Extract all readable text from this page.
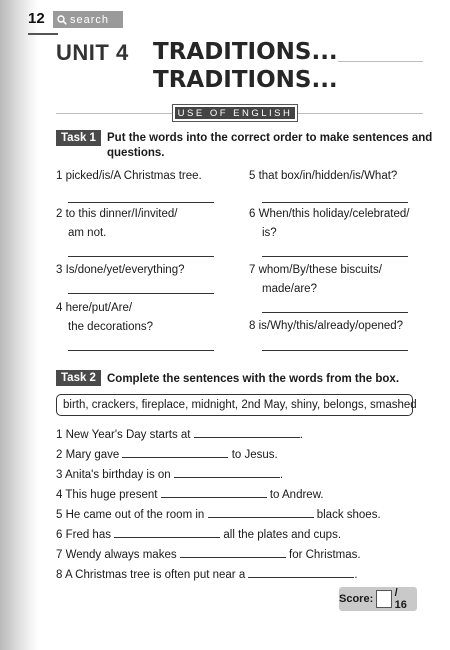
12 search
UNIT 4 TRADITIONS...
TRADITIONS...
USE OF ENGLISH
Task 1 Put the words into the correct order to make sentences and
questions.
1 picked/is/A Christmas tree.
2 to this dinner/I/invited/
am not.
3 Is/done/yet/everything?
4 here/put/Are/
the decorations?
5 that box/in/hidden/is/What?
6 When/this holiday/celebrated/
is?
7 whom/By/these biscuits/
made/are?
8 is/Why/this/already/opened?
Task 2 Complete the sentences with the words from the box.
birth, crackers, fireplace, midnight, 2nd May, shiny, belongs, smashed
1 New Year's Day starts at	.
2 Mary gave	to Jesus.
3 Anita's birthday is on	.
4 This huge present	to Andrew.
5 He came out of the room in	black shoes.
6 Fred has	all the plates and cups.
7 Wendy always makes	for Christmas.
8 A Christmas tree is often put near a	.
Score: / 16
